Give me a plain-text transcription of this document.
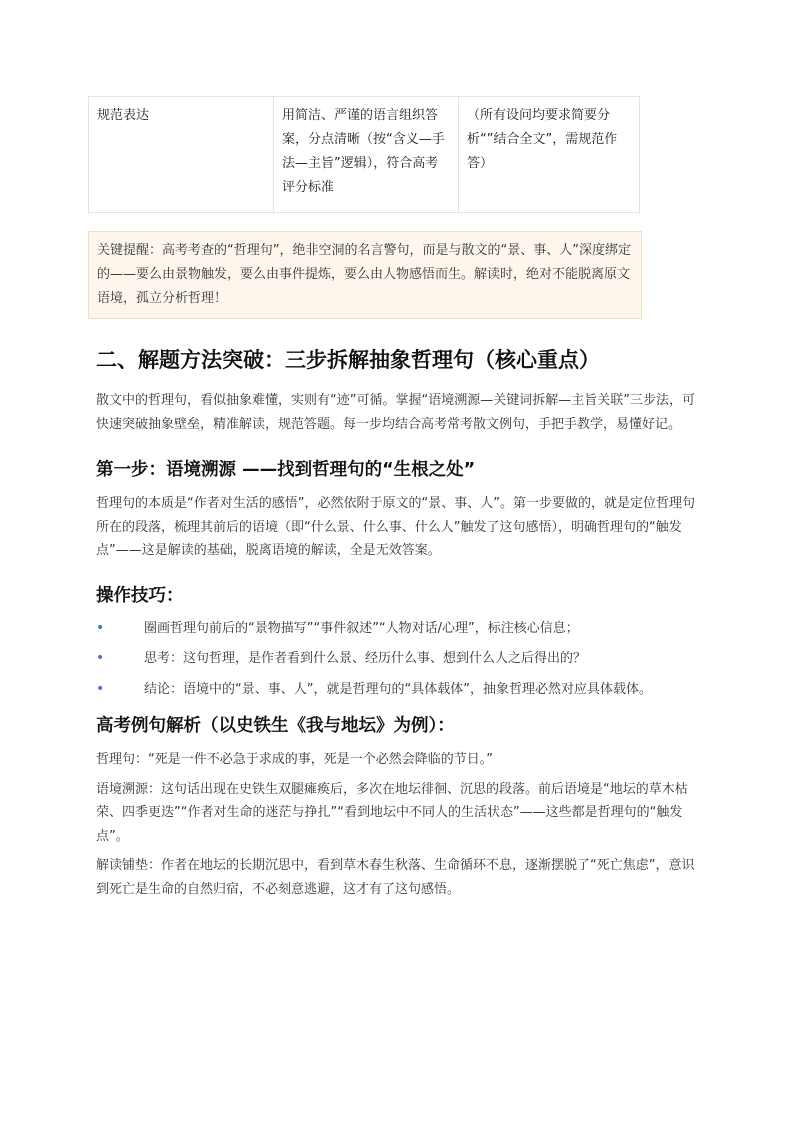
规范表达	用简洁、严谨的语言组织答案，分点清晰（按“含义—手法—主旨”逻辑），符合高考评分标准	（所有设问均要求简要分析“”结合全文”，需规范作答）
关键提醒：高考考查的“哲理句”，绝非空洞的名言警句，而是与散文的“景、事、人”深度绑定的——要么由景物触发，要么由事件提炼，要么由人物感悟而生。解读时，绝对不能脱离原文语境，孤立分析哲理！
二、解题方法突破：三步拆解抽象哲理句（核心重点）

散文中的哲理句，看似抽象难懂，实则有“迹”可循。掌握“语境溯源—关键词拆解—主旨关联”三步法，可快速突破抽象壁垒，精准解读，规范答题。每一步均结合高考常考散文例句，手把手教学，易懂好记。

第一步：语境溯源 ——找到哲理句的“生根之处”

哲理句的本质是“作者对生活的感悟”，必然依附于原文的“景、事、人”。第一步要做的，就是定位哲理句所在的段落，梳理其前后的语境（即“什么景、什么事、什么人”触发了这句感悟），明确哲理句的“触发点”——这是解读的基础，脱离语境的解读，全是无效答案。

操作技巧：
•	圈画哲理句前后的“景物描写”“事件叙述”“人物对话/心理”，标注核心信息；
•	思考：这句哲理，是作者看到什么景、经历什么事、想到什么人之后得出的？
•	结论：语境中的“景、事、人”，就是哲理句的“具体载体”，抽象哲理必然对应具体载体。
高考例句解析（以史铁生《我与地坛》为例）：

哲理句：“死是一件不必急于求成的事，死是一个必然会降临的节日。”

语境溯源：这句话出现在史铁生双腿瘫痪后，多次在地坛徘徊、沉思的段落。前后语境是“地坛的草木枯荣、四季更迭”“作者对生命的迷茫与挣扎”“看到地坛中不同人的生活状态”——这些都是哲理句的“触发点”。

解读铺垫：作者在地坛的长期沉思中，看到草木春生秋落、生命循环不息，逐渐摆脱了“死亡焦虑”，意识到死亡是生命的自然归宿，不必刻意逃避，这才有了这句感悟。
